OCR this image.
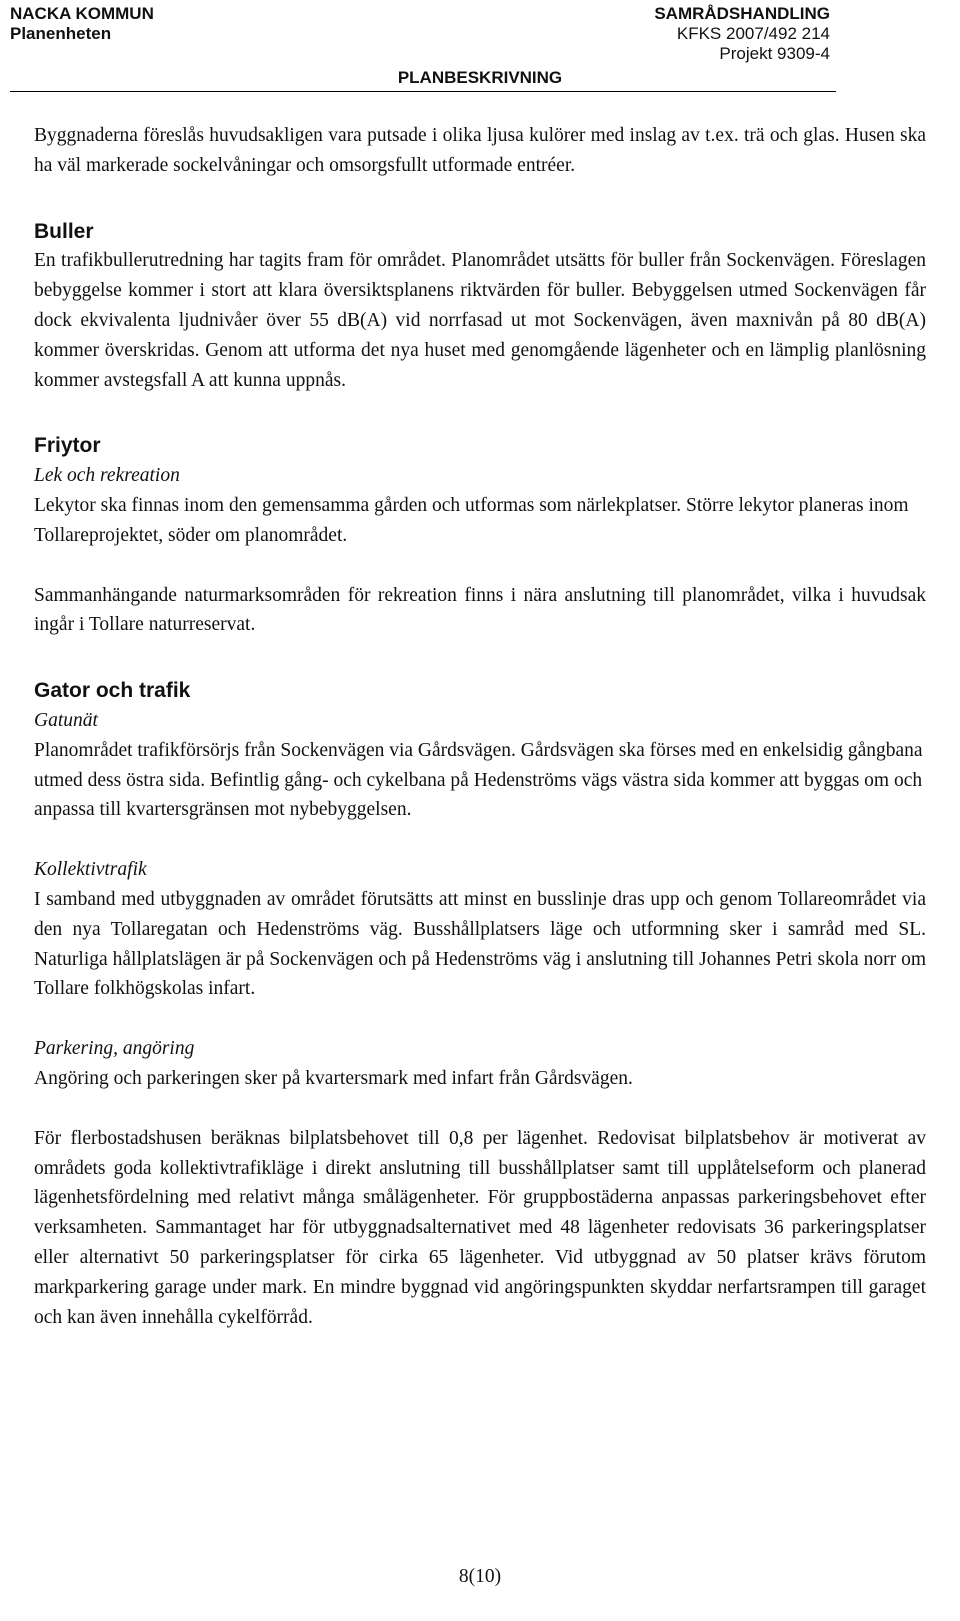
NACKA KOMMUN
Planenheten
SAMRÅDSHANDLING
KFKS 2007/492 214
Projekt 9309-4
PLANBESKRIVNING

Byggnaderna föreslås huvudsakligen vara putsade i olika ljusa kulörer med inslag av t.ex. trä och glas. Husen ska ha väl markerade sockelvåningar och omsorgsfullt utformade entréer.

Buller

En trafikbullerutredning har tagits fram för området. Planområdet utsätts för buller från Sockenvägen. Föreslagen bebyggelse kommer i stort att klara översiktsplanens riktvärden för buller. Bebyggelsen utmed Sockenvägen får dock ekvivalenta ljudnivåer över 55 dB(A) vid norrfasad ut mot Sockenvägen, även maxnivån på 80 dB(A) kommer överskridas. Genom att utforma det nya huset med genomgående lägenheter och en lämplig planlösning kommer avstegsfall A att kunna uppnås.

Friytor
Lek och rekreation

Lekytor ska finnas inom den gemensamma gården och utformas som närlekplatser. Större lekytor planeras inom Tollareprojektet, söder om planområdet.

Sammanhängande naturmarksområden för rekreation finns i nära anslutning till planområdet, vilka i huvudsak ingår i Tollare naturreservat.

Gator och trafik
Gatunät

Planområdet trafikförsörjs från Sockenvägen via Gårdsvägen. Gårdsvägen ska förses med en enkelsidig gångbana utmed dess östra sida. Befintlig gång- och cykelbana på Hedenströms vägs västra sida kommer att byggas om och anpassa till kvartersgränsen mot nybebyggelsen.

Kollektivtrafik

I samband med utbyggnaden av området förutsätts att minst en busslinje dras upp och genom Tollareområdet via den nya Tollaregatan och Hedenströms väg. Busshållplatsers läge och utformning sker i samråd med SL. Naturliga hållplatslägen är på Sockenvägen och på Hedenströms väg i anslutning till Johannes Petri skola norr om Tollare folkhögskolas infart.

Parkering, angöring

Angöring och parkeringen sker på kvartersmark med infart från Gårdsvägen.

För flerbostadshusen beräknas bilplatsbehovet till 0,8 per lägenhet. Redovisat bilplatsbehov är motiverat av områdets goda kollektivtrafikläge i direkt anslutning till busshållplatser samt till upplåtelseform och planerad lägenhetsfördelning med relativt många smålägenheter. För gruppbostäderna anpassas parkeringsbehovet efter verksamheten. Sammantaget har för utbyggnadsalternativet med 48 lägenheter redovisats 36 parkeringsplatser eller alternativt 50 parkeringsplatser för cirka 65 lägenheter. Vid utbyggnad av 50 platser krävs förutom markparkering garage under mark. En mindre byggnad vid angöringspunkten skyddar nerfartsrampen till garaget och kan även innehålla cykelförråd.

8(10)
